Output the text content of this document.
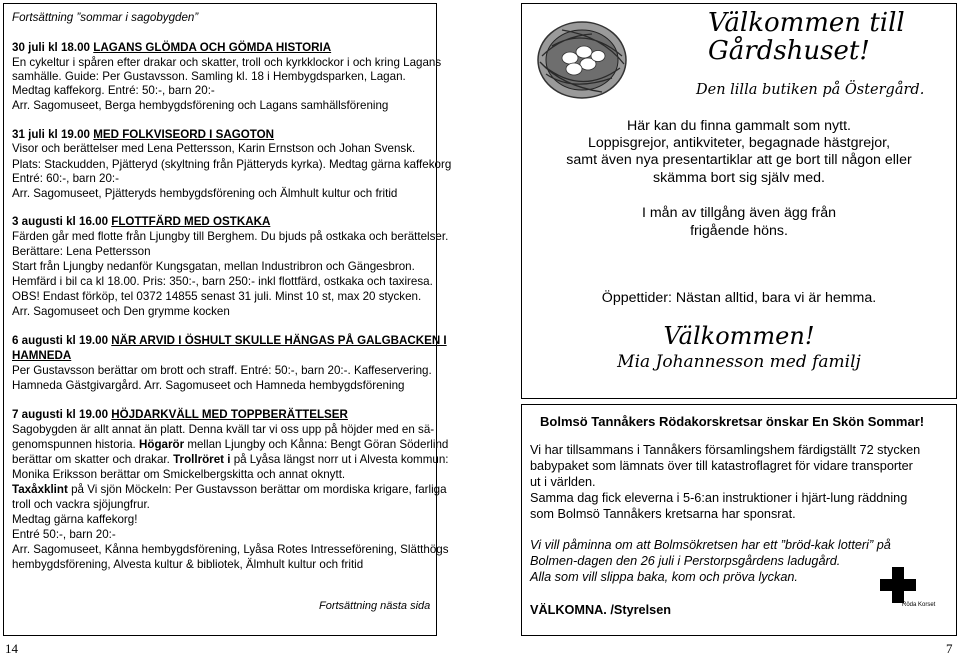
Fortsättning ”sommar i sagobygden”
30 juli kl 18.00 LAGANS GLÖMDA OCH GÖMDA HISTORIA
En cykeltur i spåren efter drakar och skatter, troll och kyrkklockor i och kring Lagans
samhälle. Guide: Per Gustavsson. Samling kl. 18 i Hembygdsparken, Lagan.
Medtag kaffekorg. Entré: 50:-, barn 20:-
Arr. Sagomuseet, Berga hembygdsförening och Lagans samhällsförening
31 juli kl 19.00 MED FOLKVISEORD I SAGOTON
Visor och berättelser med Lena Pettersson, Karin Ernstson och Johan Svensk.
Plats: Stackudden, Pjätteryd (skyltning från Pjätteryds kyrka). Medtag gärna kaffekorg
Entré: 60:-, barn 20:-
Arr. Sagomuseet, Pjätteryds hembygdsförening och Älmhult kultur och fritid
3 augusti kl 16.00 FLOTTFÄRD MED OSTKAKA
Färden går med flotte från Ljungby till Berghem. Du bjuds på ostkaka och berättelser.
Berättare: Lena Pettersson
Start från Ljungby nedanför Kungsgatan, mellan Industribron och Gängesbron.
Hemfärd i bil ca kl 18.00. Pris: 350:-, barn 250:- inkl flottfärd, ostkaka och taxiresa.
OBS! Endast förköp, tel 0372 14855 senast 31 juli. Minst 10 st, max 20 stycken.
Arr. Sagomuseet och Den grymme kocken
6 augusti kl 19.00 NÄR ARVID I ÖSHULT SKULLE HÄNGAS PÅ GALGBACKEN I
HAMNEDA
Per Gustavsson berättar om brott och straff. Entré: 50:-, barn 20:-. Kaffeservering.
Hamneda Gästgivargård. Arr. Sagomuseet och Hamneda hembygdsförening
7 augusti kl 19.00 HÖJDARKVÄLL MED TOPPBERÄTTELSER
Sagobygden är allt annat än platt. Denna kväll tar vi oss upp på höjder med en sä-
genomspunnen historia. Högarör mellan Ljungby och Kånna: Bengt Göran Söderlind
berättar om skatter och drakar. Trollröret i på Lyåsa längst norr ut i Alvesta kommun:
Monika Eriksson berättar om Smickelbergskitta och annat oknytt.
Taxåxklint på Vi sjön Möckeln: Per Gustavsson berättar om mordiska krigare, farliga
troll och vackra sjöjungfrur.
Medtag gärna kaffekorg!
Entré 50:-, barn 20:-
Arr. Sagomuseet, Kånna hembygdsförening, Lyåsa Rotes Intresseförening, Slätthögs
hembygdsförening, Alvesta kultur & bibliotek, Älmhult kultur och fritid
Fortsättning nästa sida
Välkommen till
Gårdshuset!
Den lilla butiken på Östergård.
Här kan du finna gammalt som nytt.
Loppisgrejor, antikviteter, begagnade hästgrejor,
samt även nya presentartiklar att ge bort till någon eller
skämma bort sig själv med.
I mån av tillgång även ägg från
frigående höns.
Öppettider: Nästan alltid, bara vi är hemma.
Välkommen!
Mia Johannesson med familj
Bolmsö Tannåkers Rödakorskretsar önskar En Skön Sommar!
Vi har tillsammans i Tannåkers församlingshem färdigställt 72 stycken
babypaket som lämnats över till katastroflagret för vidare transporter
ut i världen.
Samma dag fick eleverna i 5-6:an instruktioner i hjärt-lung räddning
som Bolmsö Tannåkers kretsarna har sponsrat.
Vi vill påminna om att Bolmsökretsen har ett ”bröd-kak lotteri” på
Bolmen-dagen den 26 juli i Perstorpsgårdens ladugård.
Alla som vill slippa baka, kom och pröva lyckan.
VÄLKOMNA. /Styrelsen	Röda Korset
14	7
